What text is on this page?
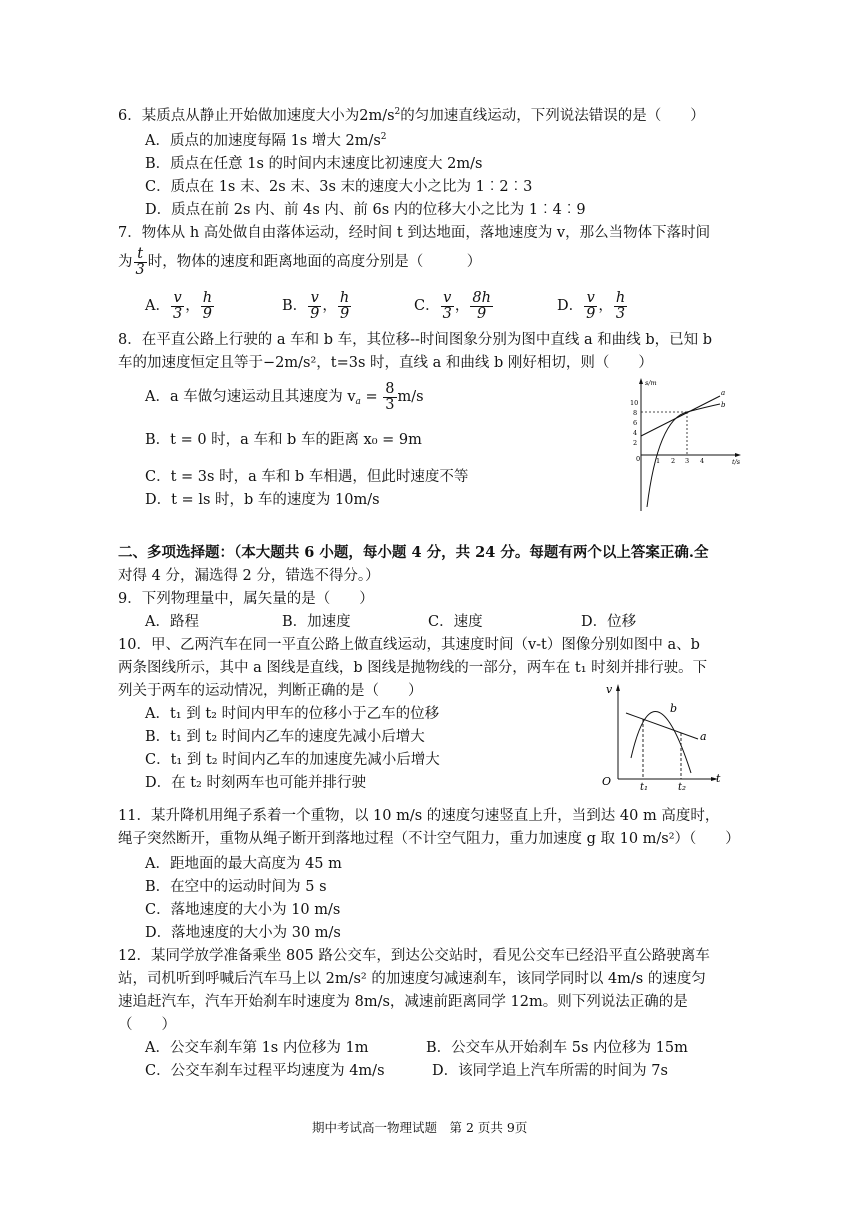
6．某质点从静止开始做加速度大小为$2m/s^2$的匀加速直线运动，下列说法错误的是（　　）
A．质点的加速度每隔 1s 增大 $2m/s^2$
B．质点在任意 1s 的时间内末速度比初速度大 2m/s
C．质点在 1s 末、2s 末、3s 末的速度大小之比为 1︰2︰3
D．质点在前 2s 内、前 4s 内、前 6s 内的位移大小之比为 1︰4︰9
7．物体从 h 高处做自由落体运动，经时间 t 到达地面，落地速度为 v，那么当物体下落时间
为 $\frac{t}{3}$ 时，物体的速度和距离地面的高度分别是（　　　）
A． $\frac{v}{3}$ ， $\frac{h}{9}$	B． $\frac{v}{9}$ ， $\frac{h}{9}$	C． $\frac{v}{3}$ ， $\frac{8h}{9}$	D． $\frac{v}{9}$ ， $\frac{h}{3}$
8．在平直公路上行驶的 a 车和 b 车，其位移--时间图象分别为图中直线 a 和曲线 b，已知 b
车的加速度恒定且等于−2m/s²，t=3s 时，直线 a 和曲线 b 刚好相切，则（　　）
A．a 车做匀速运动且其速度为 $v_a = \frac{8}{3} m/s$
B．t = 0 时，a 车和 b 车的距离 x₀ = 9m
C．t = 3s 时，a 车和 b 车相遇，但此时速度不等
D．t = ls 时，b 车的速度为 10m/s
s/m
t/s
0
10
8
6
4
2
1 2 3 4
a
b
二、多项选择题：（本大题共 6 小题，每小题 4 分，共 24 分。每题有两个以上答案正确.全
对得 4 分，漏选得 2 分，错选不得分。）
9．下列物理量中，属矢量的是（　　）
A．路程	B．加速度	C．速度	D．位移
10．甲、乙两汽车在同一平直公路上做直线运动，其速度时间（v-t）图像分别如图中 a、b
两条图线所示，其中 a 图线是直线，b 图线是抛物线的一部分，两车在 t₁ 时刻并排行驶。下
列关于两车的运动情况，判断正确的是（　　）
A．t₁ 到 t₂ 时间内甲车的位移小于乙车的位移
B．t₁ 到 t₂ 时间内乙车的速度先减小后增大
C．t₁ 到 t₂ 时间内乙车的加速度先减小后增大
D．在 t₂ 时刻两车也可能并排行驶
v
t
O	t₁	t₂
b
a
11．某升降机用绳子系着一个重物，以 10 m/s 的速度匀速竖直上升，当到达 40 m 高度时，
绳子突然断开，重物从绳子断开到落地过程（不计空气阻力，重力加速度 g 取 10 m/s²）（　　）
A．距地面的最大高度为 45 m
B．在空中的运动时间为 5 s
C．落地速度的大小为 10 m/s
D．落地速度的大小为 30 m/s
12．某同学放学准备乘坐 805 路公交车，到达公交站时，看见公交车已经沿平直公路驶离车
站，司机听到呼喊后汽车马上以 2m/s² 的加速度匀减速刹车，该同学同时以 4m/s 的速度匀
速追赶汽车，汽车开始刹车时速度为 8m/s，减速前距离同学 12m。则下列说法正确的是
（　　）
A．公交车刹车第 1s 内位移为 1m	B．公交车从开始刹车 5s 内位移为 15m
C．公交车刹车过程平均速度为 4m/s	D．该同学追上汽车所需的时间为 7s
期中考试高一物理试题　第 2 页共 9页
